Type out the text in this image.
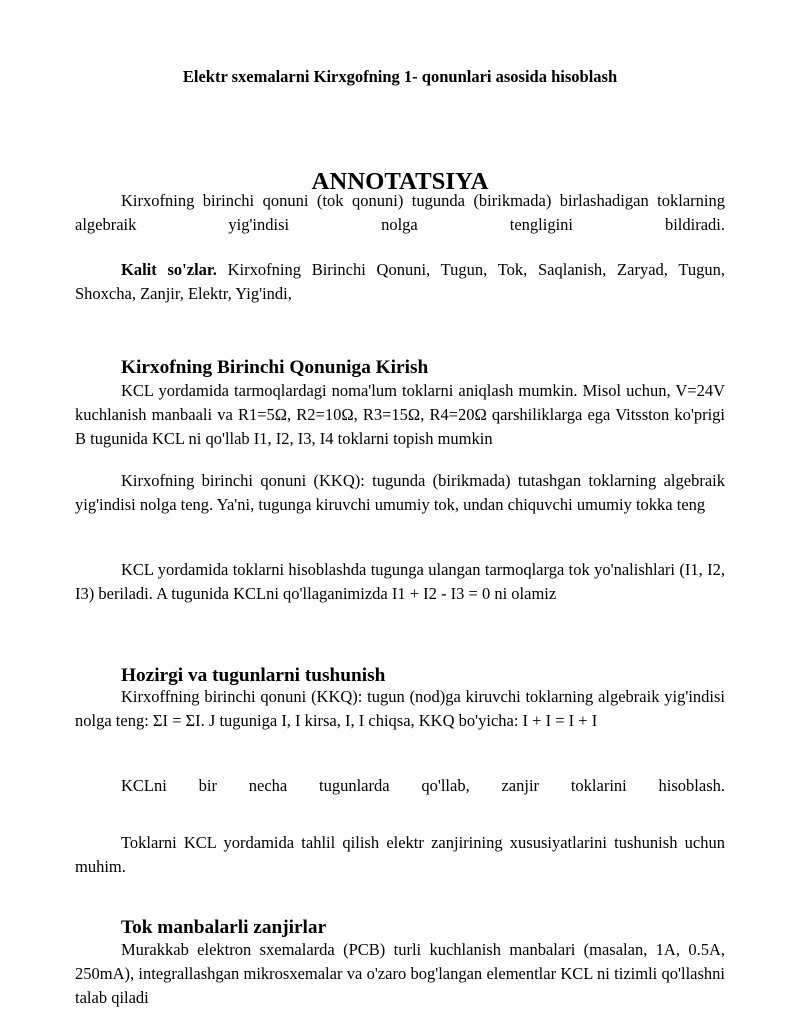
Elektr sxemalarni Kirxgofning 1- qonunlari asosida hisoblash
ANNOTATSIYA

Kirxofning birinchi qonuni (tok qonuni) tugunda (birikmada) birlashadigan toklarning algebraik yig'indisi nolga tengligini bildiradi.

Kalit so'zlar. Kirxofning Birinchi Qonuni, Tugun, Tok, Saqlanish, Zaryad, Tugun, Shoxcha, Zanjir, Elektr, Yig'indi,

Kirxofning Birinchi Qonuniga Kirish

KCL yordamida tarmoqlardagi noma'lum toklarni aniqlash mumkin. Misol uchun, V=24V kuchlanish manbaali va R1=5Ω, R2=10Ω, R3=15Ω, R4=20Ω qarshiliklarga ega Vitsston ko'prigi B tugunida KCL ni qo'llab I1, I2, I3, I4 toklarni topish mumkin

Kirxofning birinchi qonuni (KKQ): tugunda (birikmada) tutashgan toklarning algebraik yig'indisi nolga teng. Ya'ni, tugunga kiruvchi umumiy tok, undan chiquvchi umumiy tokka teng

KCL yordamida toklarni hisoblashda tugunga ulangan tarmoqlarga tok yo'nalishlari (I1, I2, I3) beriladi. A tugunida KCLni qo'llaganimizda I1 + I2 - I3 = 0 ni olamiz

Hozirgi va tugunlarni tushunish

Kirxoffning birinchi qonuni (KKQ): tugun (nod)ga kiruvchi toklarning algebraik yig'indisi nolga teng: ΣI = ΣI. J tuguniga I, I kirsa, I, I chiqsa, KKQ bo'yicha: I + I = I + I

KCLni bir necha tugunlarda qo'llab, zanjir toklarini hisoblash.

Toklarni KCL yordamida tahlil qilish elektr zanjirining xususiyatlarini tushunish uchun muhim.

Tok manbalarli zanjirlar

Murakkab elektron sxemalarda (PCB) turli kuchlanish manbalari (masalan, 1A, 0.5A, 250mA), integrallashgan mikrosxemalar va o'zaro bog'langan elementlar KCL ni tizimli qo'llashni talab qiladi
